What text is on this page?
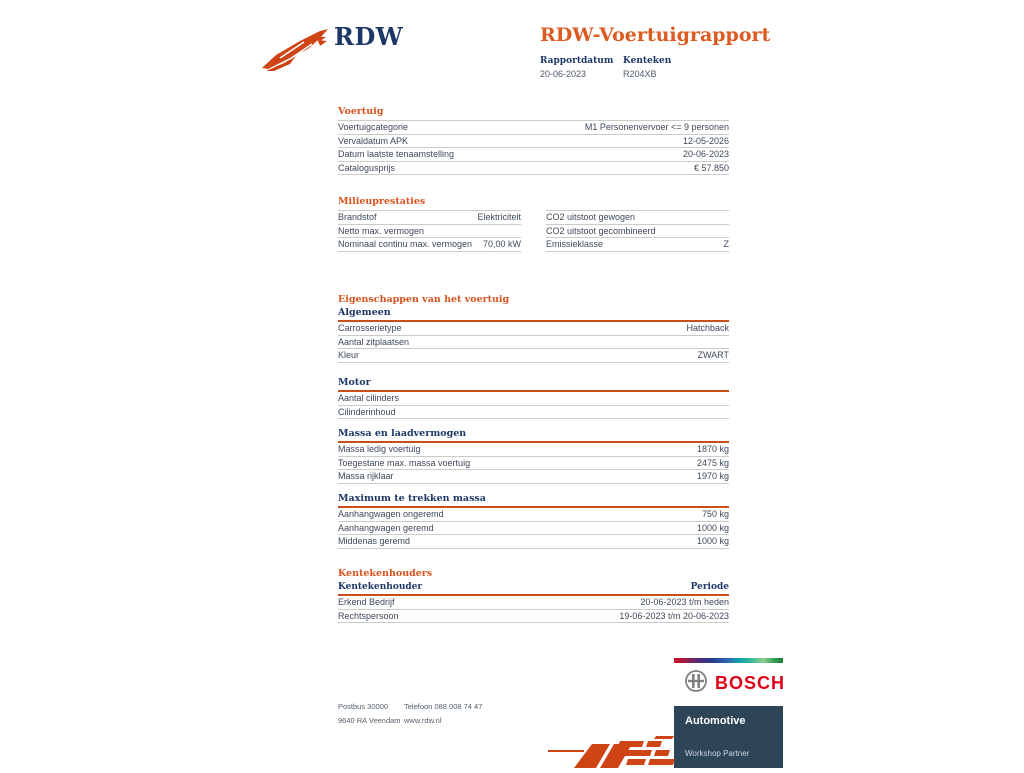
RDW	RDW-Voertuigrapport
Rapportdatum
20-06-2023
Kenteken
R204XB
Voertuig
Voertuigcategorie	M1 Personenvervoer <= 9 personen
Vervaldatum APK	12-05-2026
Datum laatste tenaamstelling	20-06-2023
Catalogusprijs	€ 57.850
Milieuprestaties
Brandstof	Elektriciteit
Netto max. vermogen
Nominaal continu max. vermogen 70,00 kW
CO2 uitstoot gewogen
CO2 uitstoot gecombineerd
Emissieklasse	Z
Eigenschappen van het voertuig
Algemeen
Carrosserietype	Hatchback
Aantal zitplaatsen
Kleur	ZWART
Motor
Aantal cilinders
Cilinderinhoud
Massa en laadvermogen
Massa ledig voertuig	1870 kg
Toegestane max. massa voertuig	2475 kg
Massa rijklaar	1970 kg
Maximum te trekken massa
Aanhangwagen ongeremd	750 kg
Aanhangwagen geremd	1000 kg
Middenas geremd	1000 kg
Kentekenhouders
Kentekenhouder	Periode
Erkend Bedrijf	20-06-2023 t/m heden
Rechtspersoon	19-06-2023 t/m 20-06-2023
BOSCH
Automotive
Workshop Partner
Postbus 30000
9640 RA Veendam
Telefoon 088 008 74 47
www.rdw.nl
